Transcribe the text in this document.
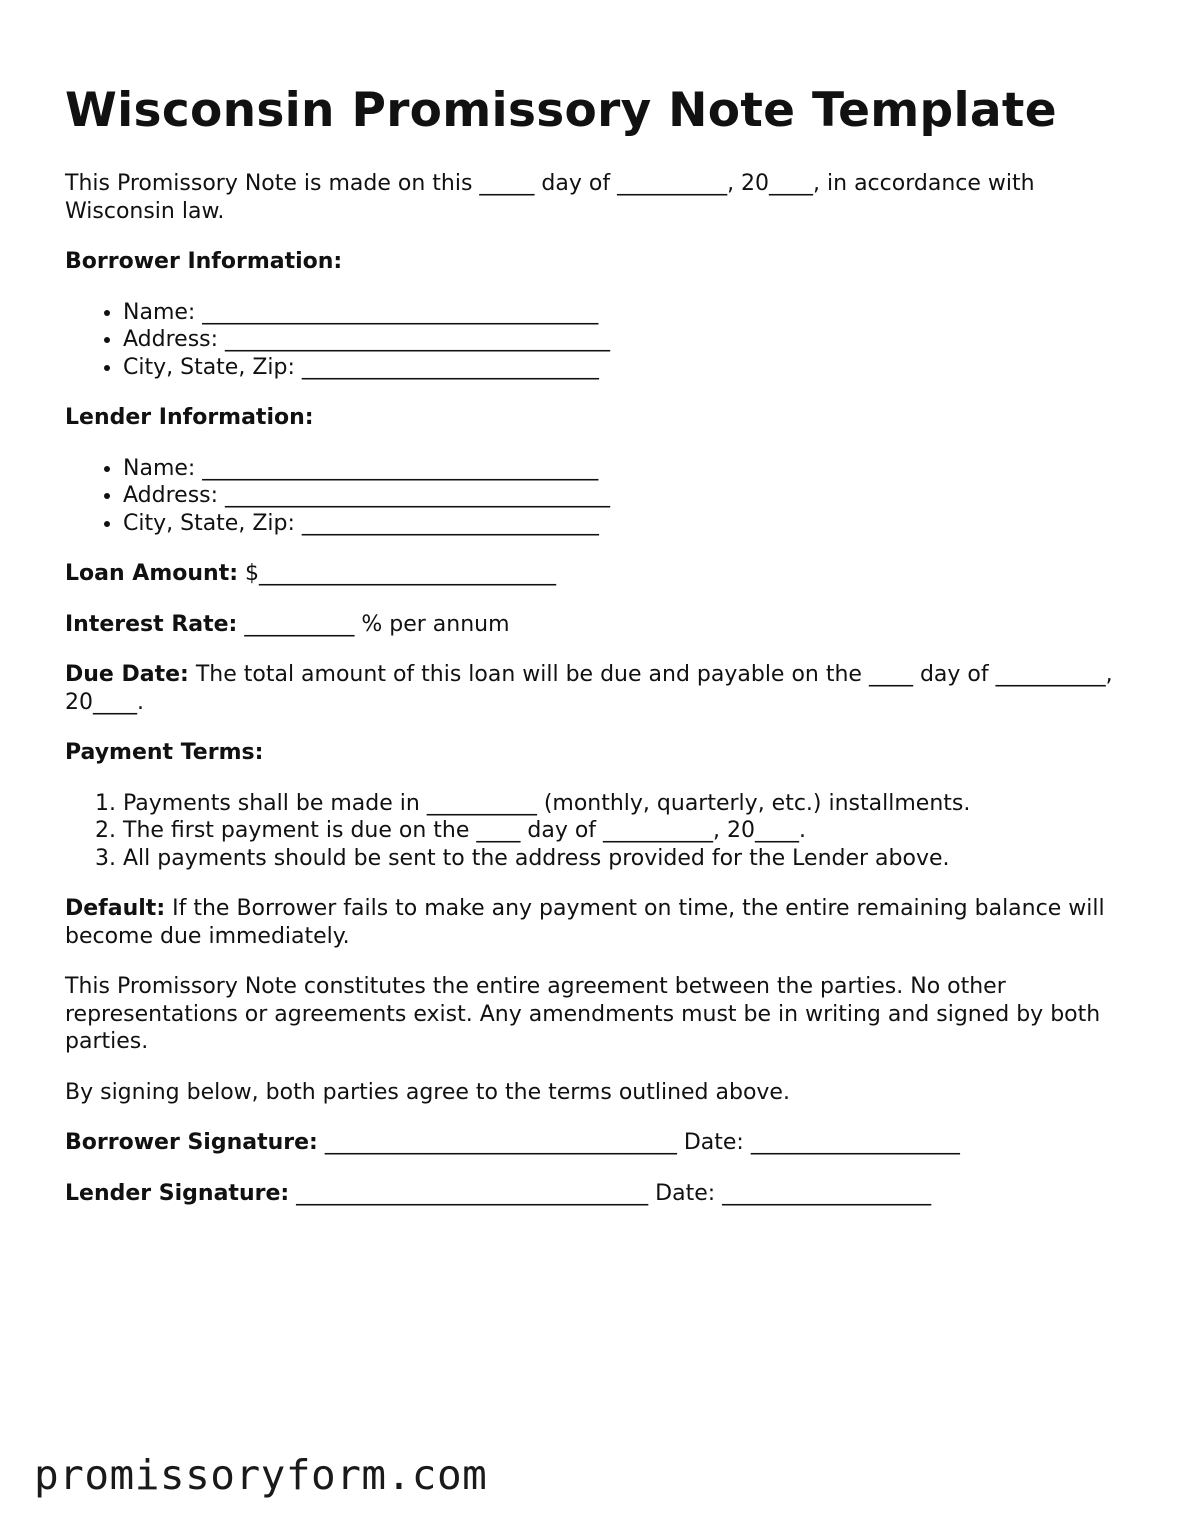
Wisconsin Promissory Note Template

This Promissory Note is made on this _____ day of __________, 20____, in accordance with Wisconsin law.

Borrower Information:

• Name: ____________________________________
• Address: ___________________________________
• City, State, Zip: ___________________________

Lender Information:

• Name: ____________________________________
• Address: ___________________________________
• City, State, Zip: ___________________________

Loan Amount: $___________________________

Interest Rate: __________ % per annum

Due Date: The total amount of this loan will be due and payable on the ____ day of __________, 20____.

Payment Terms:

1. Payments shall be made in __________ (monthly, quarterly, etc.) installments.
2. The first payment is due on the ____ day of __________, 20____.
3. All payments should be sent to the address provided for the Lender above.

Default: If the Borrower fails to make any payment on time, the entire remaining balance will become due immediately.

This Promissory Note constitutes the entire agreement between the parties. No other representations or agreements exist. Any amendments must be in writing and signed by both parties.

By signing below, both parties agree to the terms outlined above.

Borrower Signature: ________________________________ Date: ___________________

Lender Signature: ________________________________ Date: ___________________

promissoryform.com
